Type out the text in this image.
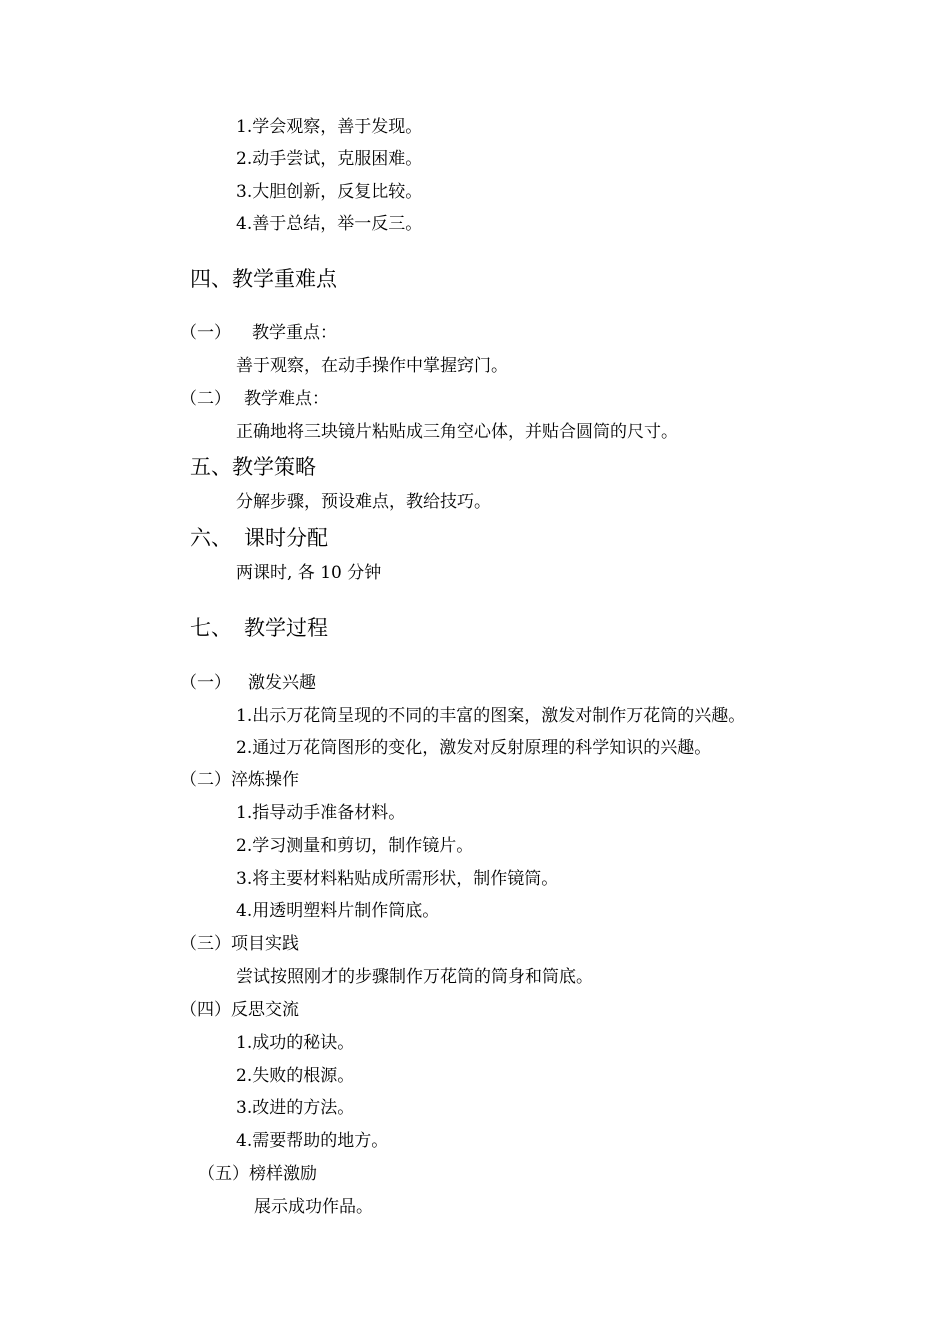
1.学会观察，善于发现。
2.动手尝试，克服困难。
3.大胆创新，反复比较。
4.善于总结，举一反三。
四、教学重难点
（一） 教学重点：
善于观察，在动手操作中掌握窍门。
（二） 教学难点：
正确地将三块镜片粘贴成三角空心体，并贴合圆筒的尺寸。
五、教学策略
分解步骤，预设难点，教给技巧。
六、 课时分配
两课时, 各 10 分钟
七、 教学过程
（一） 激发兴趣
1.出示万花筒呈现的不同的丰富的图案，激发对制作万花筒的兴趣。
2.通过万花筒图形的变化，激发对反射原理的科学知识的兴趣。
（二）淬炼操作
1.指导动手准备材料。
2.学习测量和剪切，制作镜片。
3.将主要材料粘贴成所需形状，制作镜筒。
4.用透明塑料片制作筒底。
（三）项目实践
尝试按照刚才的步骤制作万花筒的筒身和筒底。
（四）反思交流
1.成功的秘诀。
2.失败的根源。
3.改进的方法。
4.需要帮助的地方。
（五）榜样激励
展示成功作品。
